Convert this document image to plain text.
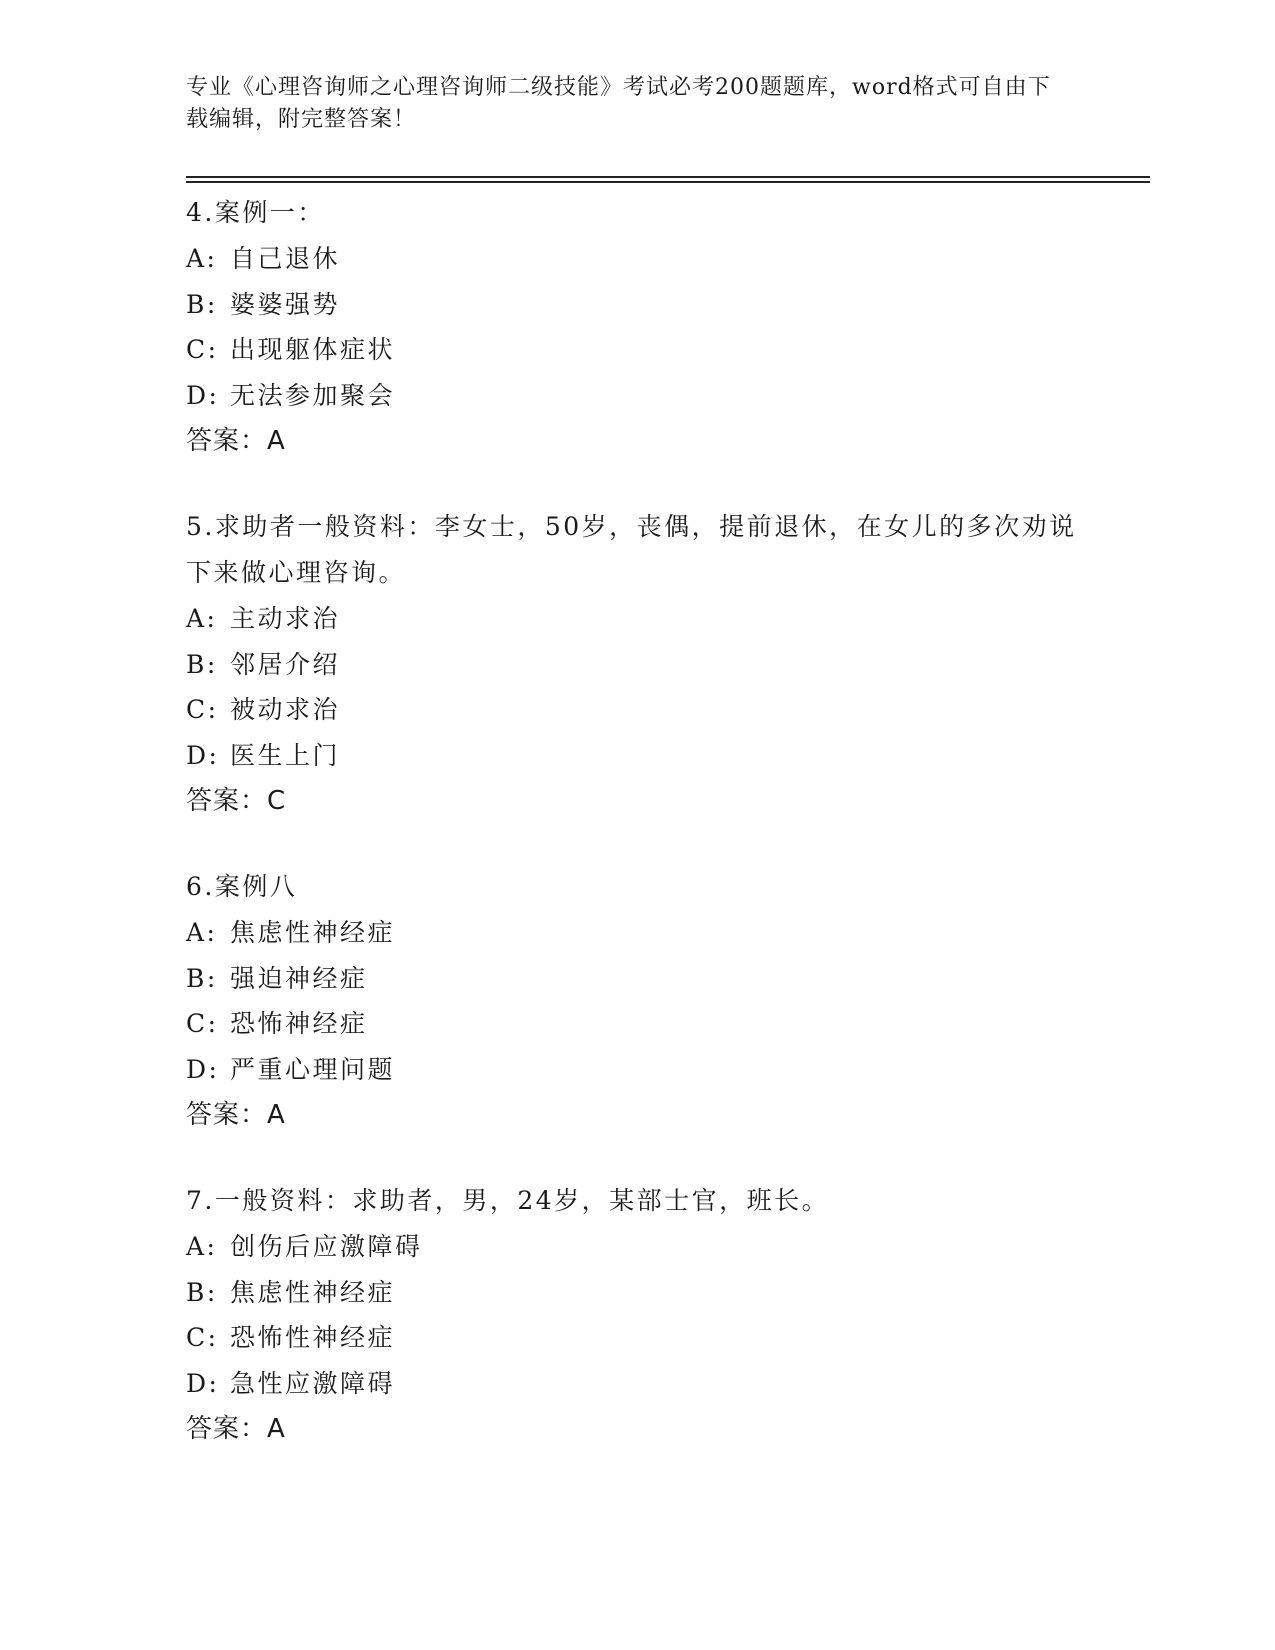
专业《心理咨询师之心理咨询师二级技能》考试必考200题题库，word格式可自由下载编辑，附完整答案！

4.案例一：

A: 自己退休

B: 婆婆强势

C: 出现躯体症状

D: 无法参加聚会

答案：A

5.求助者一般资料：李女士，50岁，丧偶，提前退休，在女儿的多次劝说下来做心理咨询。

A: 主动求治

B: 邻居介绍

C: 被动求治

D: 医生上门

答案：C

6.案例八

A: 焦虑性神经症

B: 强迫神经症

C: 恐怖神经症

D: 严重心理问题

答案：A

7.一般资料：求助者，男，24岁，某部士官，班长。

A: 创伤后应激障碍

B: 焦虑性神经症

C: 恐怖性神经症

D: 急性应激障碍

答案：A
